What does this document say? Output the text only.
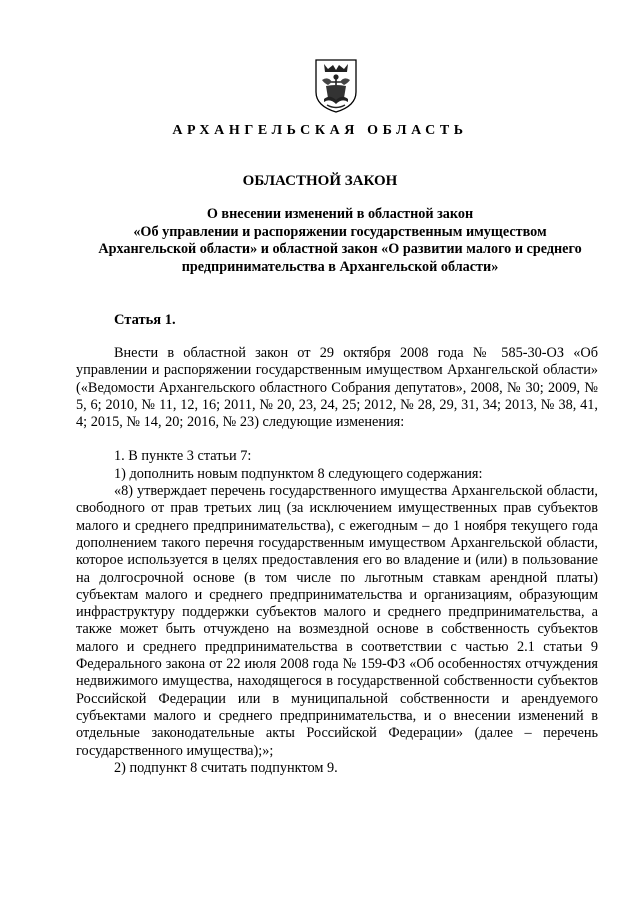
АРХАНГЕЛЬСКАЯ ОБЛАСТЬ
ОБЛАСТНОЙ ЗАКОН
О внесении изменений в областной закон
«Об управлении и распоряжении государственным имуществом
Архангельской области» и областной закон «О развитии малого и среднего
предпринимательства в Архангельской области»
Статья 1.

Внести в областной закон от 29 октября 2008 года № 585-30-ОЗ «Об управлении и распоряжении государственным имуществом Архангельской области» («Ведомости Архангельского областного Собрания депутатов», 2008, № 30; 2009, № 5, 6; 2010, № 11, 12, 16; 2011, № 20, 23, 24, 25; 2012, № 28, 29, 31, 34; 2013, № 38, 41, 4; 2015, № 14, 20; 2016, № 23) следующие изменения:

1. В пункте 3 статьи 7:

1) дополнить новым подпунктом 8 следующего содержания:

«8) утверждает перечень государственного имущества Архангельской области, свободного от прав третьих лиц (за исключением имущественных прав субъектов малого и среднего предпринимательства), с ежегодным – до 1 ноября текущего года дополнением такого перечня государственным имуществом Архангельской области, которое используется в целях предоставления его во владение и (или) в пользование на долгосрочной основе (в том числе по льготным ставкам арендной платы) субъектам малого и среднего предпринимательства и организациям, образующим инфраструктуру поддержки субъектов малого и среднего предпринимательства, а также может быть отчуждено на возмездной основе в собственность субъектов малого и среднего предпринимательства в соответствии с частью 2.1 статьи 9 Федерального закона от 22 июля 2008 года № 159-ФЗ «Об особенностях отчуждения недвижимого имущества, находящегося в государственной собственности субъектов Российской Федерации или в муниципальной собственности и арендуемого субъектами малого и среднего предпринимательства, и о внесении изменений в отдельные законодательные акты Российской Федерации» (далее – перечень государственного имущества);»;

2) подпункт 8 считать подпунктом 9.
